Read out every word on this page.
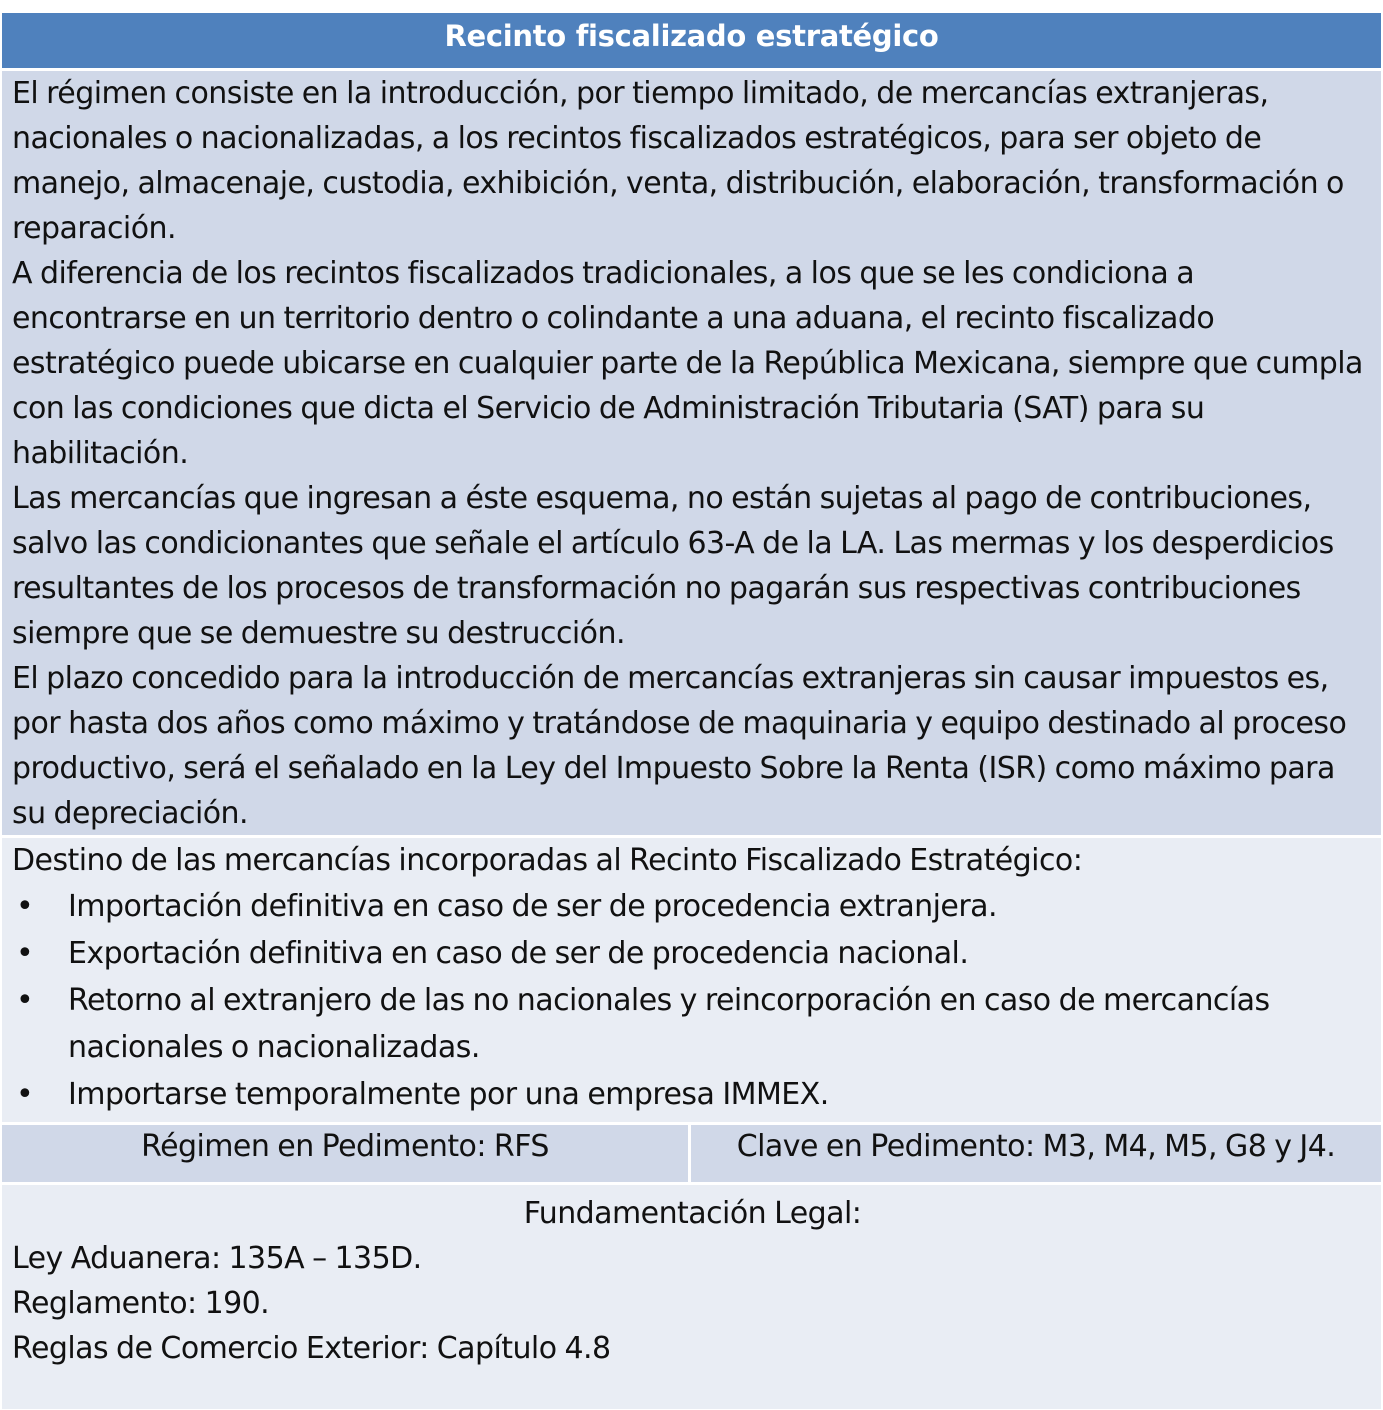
Recinto fiscalizado estratégico

El régimen consiste en la introducción, por tiempo limitado, de mercancías extranjeras, nacionales o nacionalizadas, a los recintos fiscalizados estratégicos, para ser objeto de manejo, almacenaje, custodia, exhibición, venta, distribución, elaboración, transformación o reparación.

A diferencia de los recintos fiscalizados tradicionales, a los que se les condiciona a encontrarse en un territorio dentro o colindante a una aduana, el recinto fiscalizado estratégico puede ubicarse en cualquier parte de la República Mexicana, siempre que cumpla con las condiciones que dicta el Servicio de Administración Tributaria (SAT) para su habilitación.

Las mercancías que ingresan a éste esquema, no están sujetas al pago de contribuciones, salvo las condicionantes que señale el artículo 63-A de la LA. Las mermas y los desperdicios resultantes de los procesos de transformación no pagarán sus respectivas contribuciones siempre que se demuestre su destrucción.

El plazo concedido para la introducción de mercancías extranjeras sin causar impuestos es, por hasta dos años como máximo y tratándose de maquinaria y equipo destinado al proceso productivo, será el señalado en la Ley del Impuesto Sobre la Renta (ISR) como máximo para su depreciación.

Destino de las mercancías incorporadas al Recinto Fiscalizado Estratégico:

• Importación definitiva en caso de ser de procedencia extranjera.
• Exportación definitiva en caso de ser de procedencia nacional.
• Retorno al extranjero de las no nacionales y reincorporación en caso de mercancías nacionales o nacionalizadas.
• Importarse temporalmente por una empresa IMMEX.
Régimen en Pedimento: RFS	Clave en Pedimento: M3, M4, M5, G8 y J4.

Fundamentación Legal:

Ley Aduanera: 135A – 135D.

Reglamento: 190.

Reglas de Comercio Exterior: Capítulo 4.8
